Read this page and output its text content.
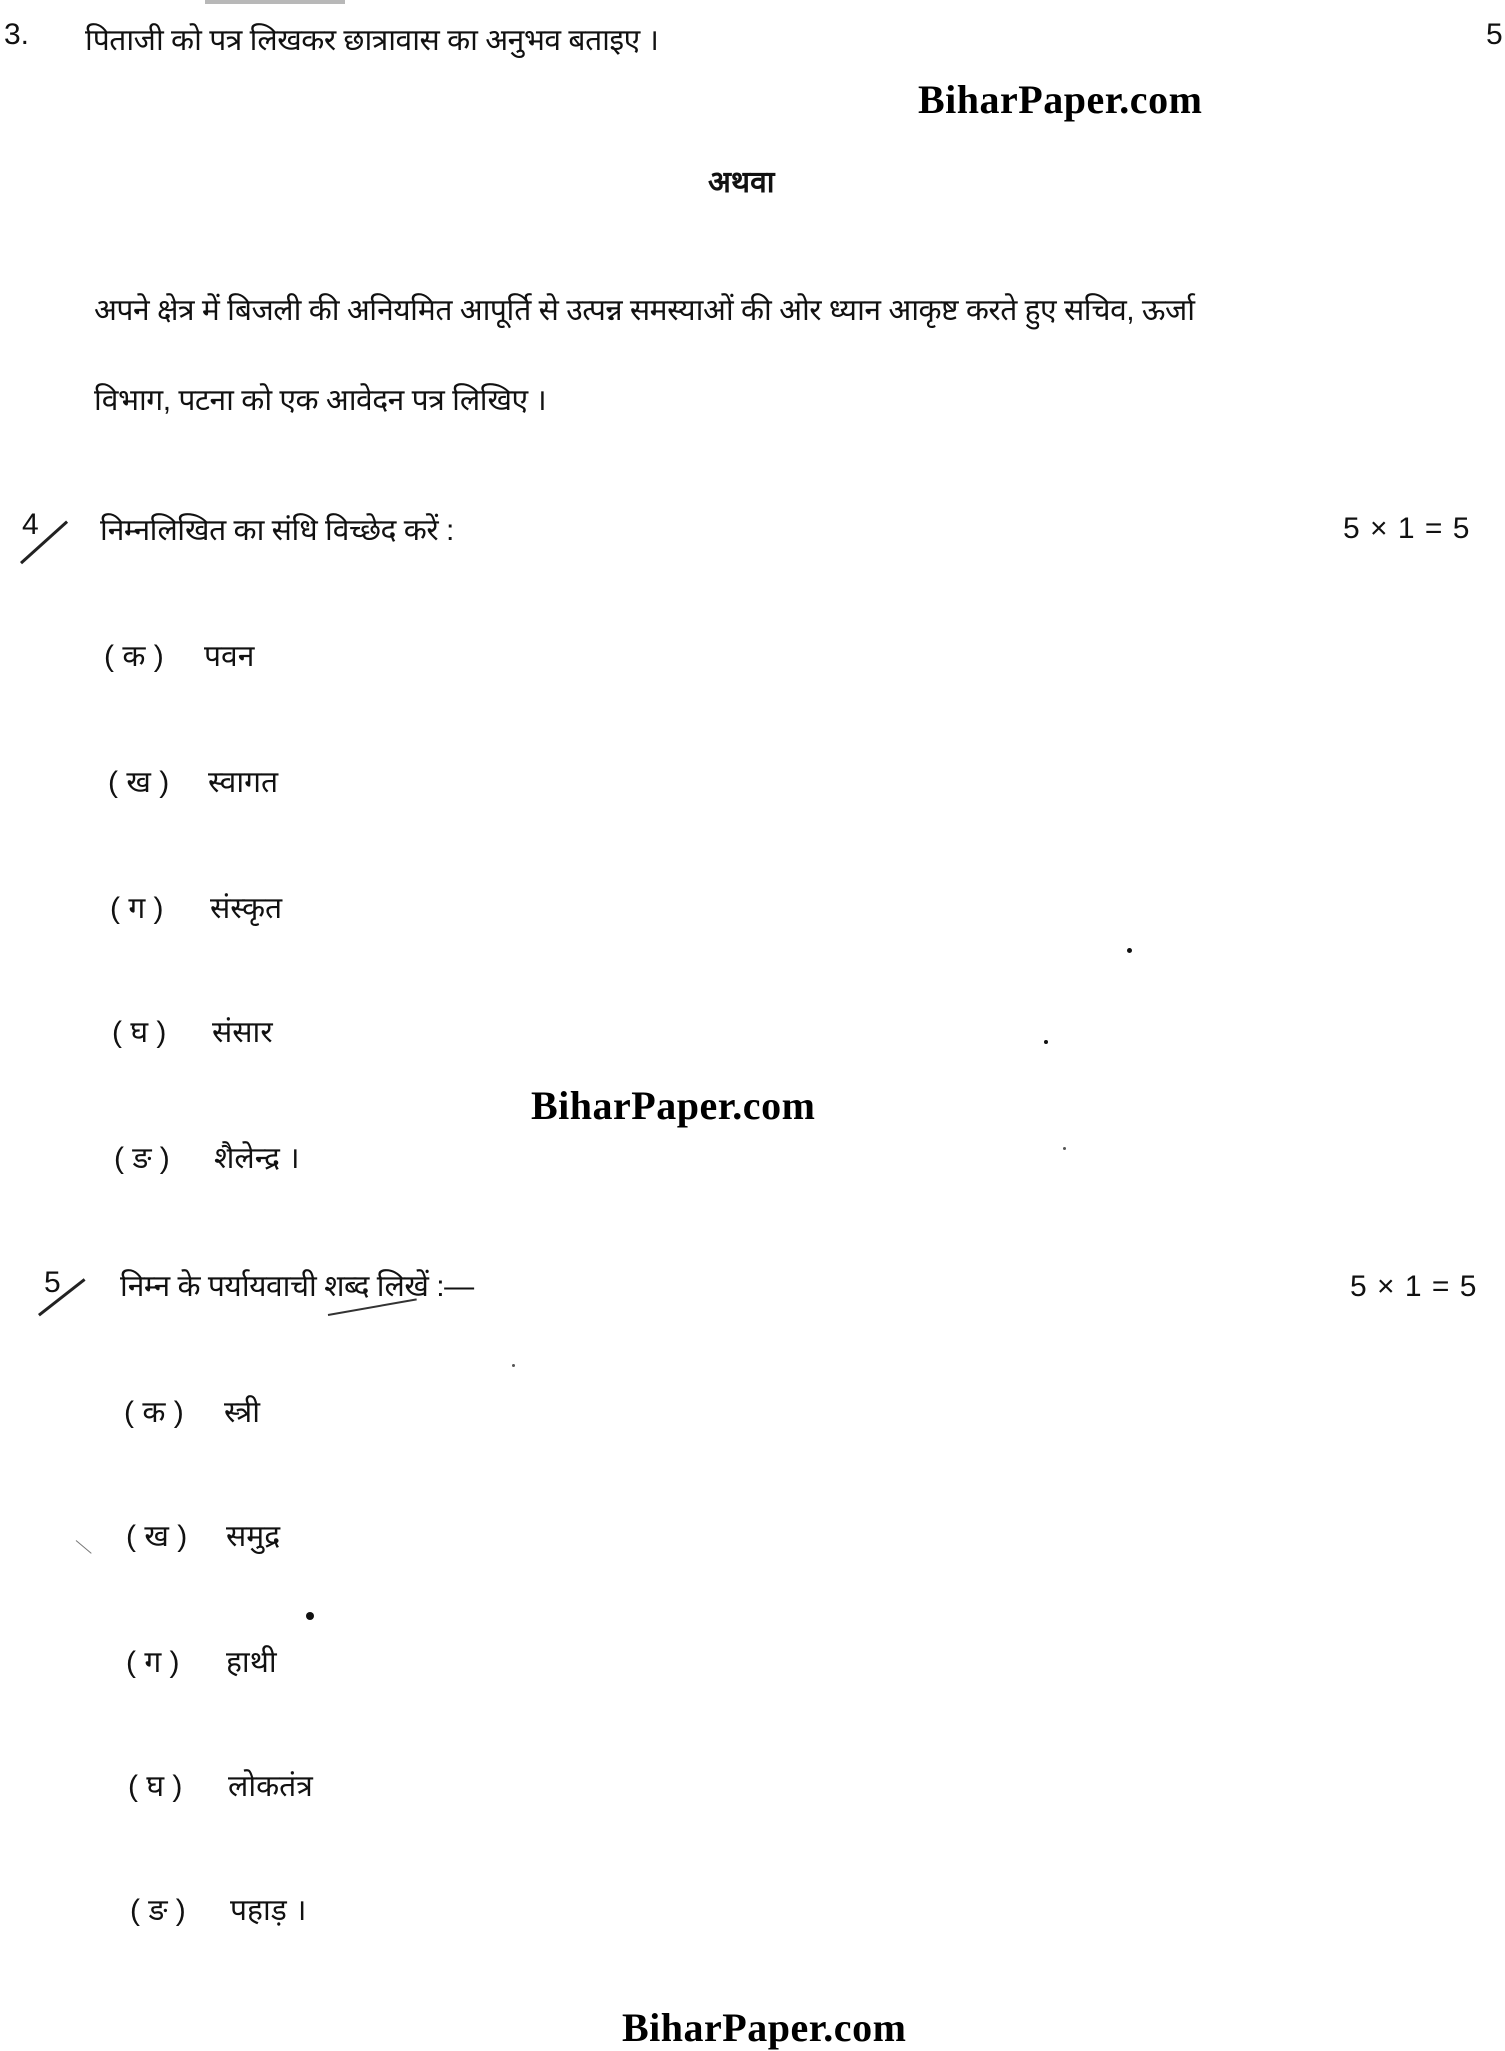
3. पिताजी को पत्र लिखकर छात्रावास का अनुभव बताइए ।	5
BiharPaper.com
अथवा
अपने क्षेत्र में बिजली की अनियमित आपूर्ति से उत्पन्न समस्याओं की ओर ध्यान आकृष्ट करते हुए सचिव, ऊर्जा
विभाग, पटना को एक आवेदन पत्र लिखिए ।
4 निम्नलिखित का संधि विच्छेद करें :	5 × 1 = 5
( क ) पवन
( ख ) स्वागत
( ग ) संस्कृत
( घ ) संसार
BiharPaper.com
( ङ ) शैलेन्द्र ।
5 निम्न के पर्यायवाची शब्द लिखें :—	5 × 1 = 5
( क ) स्त्री
( ख ) समुद्र
( ग ) हाथी
( घ ) लोकतंत्र
( ङ ) पहाड़ ।
BiharPaper.com
